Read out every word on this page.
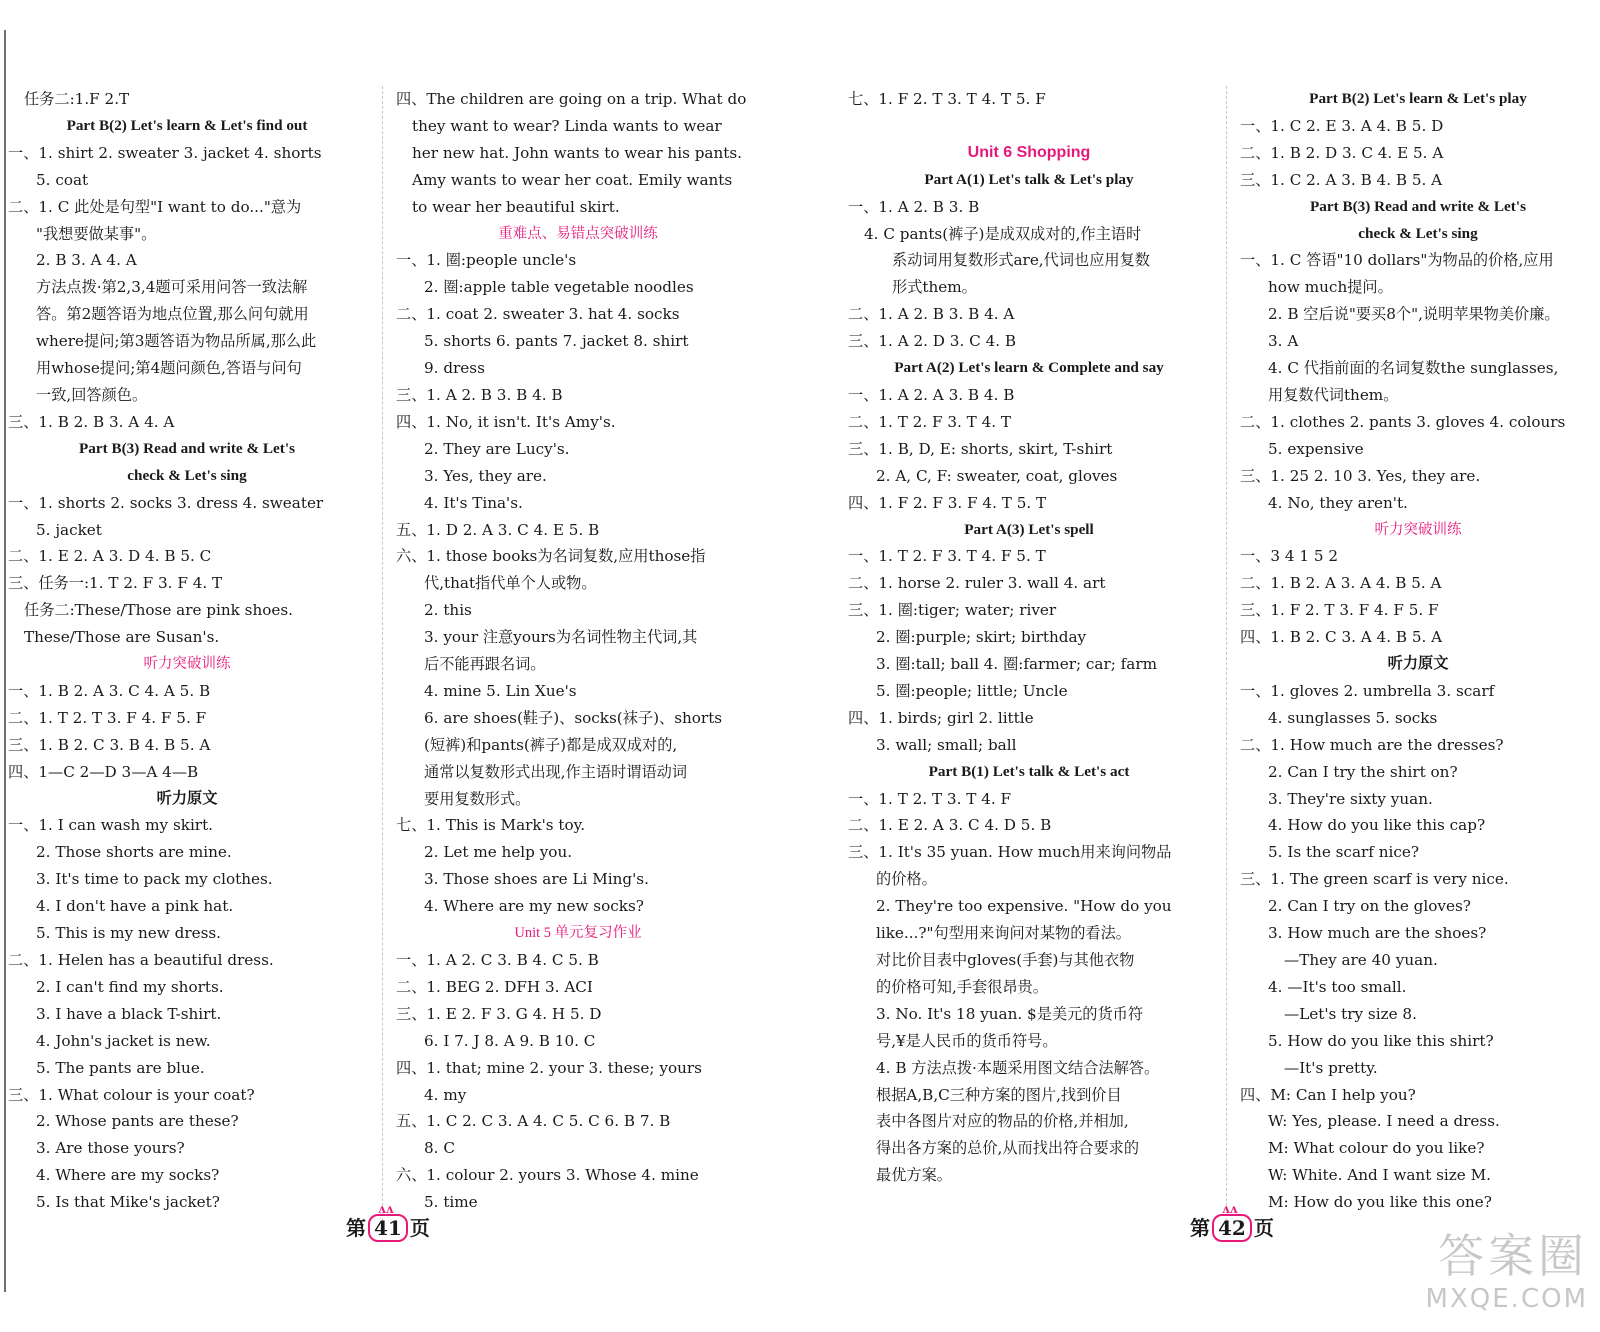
任务二:1.F 2.T
Part B(2) Let's learn & Let's find out
一、1. shirt 2. sweater 3. jacket 4. shorts
5. coat
二、1. C 此处是句型"I want to do..."意为
"我想要做某事"。
2. B 3. A 4. A
方法点拨·第2,3,4题可采用问答一致法解
答。第2题答语为地点位置,那么问句就用
where提问;第3题答语为物品所属,那么此
用whose提问;第4题问颜色,答语与问句
一致,回答颜色。
三、1. B 2. B 3. A 4. A
Part B(3) Read and write & Let's
check & Let's sing
一、1. shorts 2. socks 3. dress 4. sweater
5. jacket
二、1. E 2. A 3. D 4. B 5. C
三、任务一:1. T 2. F 3. F 4. T
任务二:These/Those are pink shoes.
These/Those are Susan's.
听力突破训练
一、1. B 2. A 3. C 4. A 5. B
二、1. T 2. T 3. F 4. F 5. F
三、1. B 2. C 3. B 4. B 5. A
四、1—C 2—D 3—A 4—B
听力原文
一、1. I can wash my skirt.
2. Those shorts are mine.
3. It's time to pack my clothes.
4. I don't have a pink hat.
5. This is my new dress.
二、1. Helen has a beautiful dress.
2. I can't find my shorts.
3. I have a black T-shirt.
4. John's jacket is new.
5. The pants are blue.
三、1. What colour is your coat?
2. Whose pants are these?
3. Are those yours?
4. Where are my socks?
5. Is that Mike's jacket?
四、The children are going on a trip. What do
they want to wear? Linda wants to wear
her new hat. John wants to wear his pants.
Amy wants to wear her coat. Emily wants
to wear her beautiful skirt.
重难点、易错点突破训练
一、1. 圈:people uncle's
2. 圈:apple table vegetable noodles
二、1. coat 2. sweater 3. hat 4. socks
5. shorts 6. pants 7. jacket 8. shirt
9. dress
三、1. A 2. B 3. B 4. B
四、1. No, it isn't. It's Amy's.
2. They are Lucy's.
3. Yes, they are.
4. It's Tina's.
五、1. D 2. A 3. C 4. E 5. B
六、1. those books为名词复数,应用those指
代,that指代单个人或物。
2. this
3. your 注意yours为名词性物主代词,其
后不能再跟名词。
4. mine 5. Lin Xue's
6. are shoes(鞋子)、socks(袜子)、shorts
(短裤)和pants(裤子)都是成双成对的,
通常以复数形式出现,作主语时谓语动词
要用复数形式。
七、1. This is Mark's toy.
2. Let me help you.
3. Those shoes are Li Ming's.
4. Where are my new socks?
Unit 5 单元复习作业
一、1. A 2. C 3. B 4. C 5. B
二、1. BEG 2. DFH 3. ACI
三、1. E 2. F 3. G 4. H 5. D
6. I 7. J 8. A 9. B 10. C
四、1. that; mine 2. your 3. these; yours
4. my
五、1. C 2. C 3. A 4. C 5. C 6. B 7. B
8. C
六、1. colour 2. yours 3. Whose 4. mine
5. time
七、1. F 2. T 3. T 4. T 5. F

Unit 6 Shopping
Part A(1) Let's talk & Let's play
一、1. A 2. B 3. B
4. C pants(裤子)是成双成对的,作主语时
系动词用复数形式are,代词也应用复数
形式them。
二、1. A 2. B 3. B 4. A
三、1. A 2. D 3. C 4. B
Part A(2) Let's learn & Complete and say
一、1. A 2. A 3. B 4. B
二、1. T 2. F 3. T 4. T
三、1. B, D, E: shorts, skirt, T-shirt
2. A, C, F: sweater, coat, gloves
四、1. F 2. F 3. F 4. T 5. T
Part A(3) Let's spell
一、1. T 2. F 3. T 4. F 5. T
二、1. horse 2. ruler 3. wall 4. art
三、1. 圈:tiger; water; river
2. 圈:purple; skirt; birthday
3. 圈:tall; ball 4. 圈:farmer; car; farm
5. 圈:people; little; Uncle
四、1. birds; girl 2. little
3. wall; small; ball
Part B(1) Let's talk & Let's act
一、1. T 2. T 3. T 4. F
二、1. E 2. A 3. C 4. D 5. B
三、1. It's 35 yuan. How much用来询问物品
的价格。
2. They're too expensive. "How do you
like...?"句型用来询问对某物的看法。
对比价目表中gloves(手套)与其他衣物
的价格可知,手套很昂贵。
3. No. It's 18 yuan. $是美元的货币符
号,¥是人民币的货币符号。
4. B 方法点拨·本题采用图文结合法解答。
根据A,B,C三种方案的图片,找到价目
表中各图片对应的物品的价格,并相加,
得出各方案的总价,从而找出符合要求的
最优方案。
Part B(2) Let's learn & Let's play
一、1. C 2. E 3. A 4. B 5. D
二、1. B 2. D 3. C 4. E 5. A
三、1. C 2. A 3. B 4. B 5. A
Part B(3) Read and write & Let's
check & Let's sing
一、1. C 答语"10 dollars"为物品的价格,应用
how much提问。
2. B 空后说"要买8个",说明苹果物美价廉。
3. A
4. C 代指前面的名词复数the sunglasses,
用复数代词them。
二、1. clothes 2. pants 3. gloves 4. colours
5. expensive
三、1. 25 2. 10 3. Yes, they are.
4. No, they aren't.
听力突破训练
一、3 4 1 5 2
二、1. B 2. A 3. A 4. B 5. A
三、1. F 2. T 3. F 4. F 5. F
四、1. B 2. C 3. A 4. B 5. A
听力原文
一、1. gloves 2. umbrella 3. scarf
4. sunglasses 5. socks
二、1. How much are the dresses?
2. Can I try the shirt on?
3. They're sixty yuan.
4. How do you like this cap?
5. Is the scarf nice?
三、1. The green scarf is very nice.
2. Can I try on the gloves?
3. How much are the shoes?
—They are 40 yuan.
4. —It's too small.
—Let's try size 8.
5. How do you like this shirt?
—It's pretty.
四、M: Can I help you?
W: Yes, please. I need a dress.
M: What colour do you like?
W: White. And I want size M.
M: How do you like this one?
第
ʌʌ
41 页	第
ʌʌ
42 页
答案圈
MXQE.COM
